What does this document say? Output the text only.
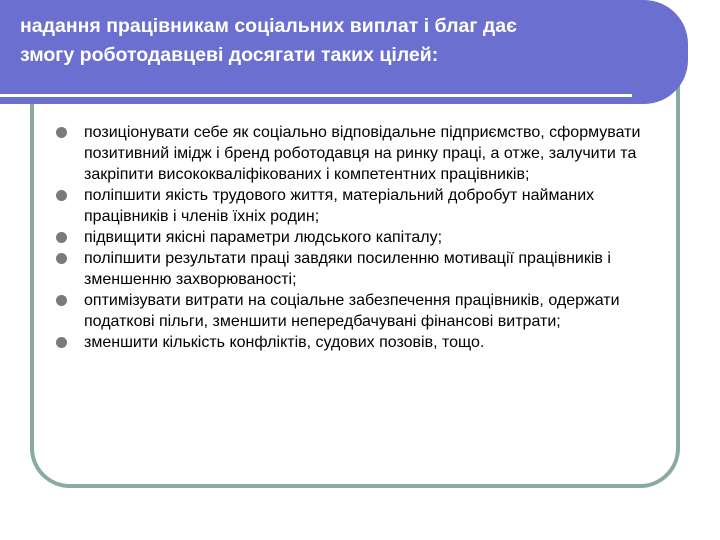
надання працівникам соціальних виплат і благ дає
змогу роботодавцеві досягати таких цілей:

позиціонувати себе як соціально відповідальне підприємство, сформувати позитивний імідж і бренд роботодавця на ринку праці, а отже, залучити та закріпити висококваліфікованих і компетентних працівників;
поліпшити якість трудового життя, матеріальний добробут найманих працівників і членів їхніх родин;
підвищити якісні параметри людського капіталу;
поліпшити результати праці завдяки посиленню мотивації працівників і зменшенню захворюваності;
оптимізувати витрати на соціальне забезпечення працівників, одержати податкові пільги, зменшити непередбачувані фінансові витрати;
зменшити кількість конфліктів, судових позовів, тощо.
